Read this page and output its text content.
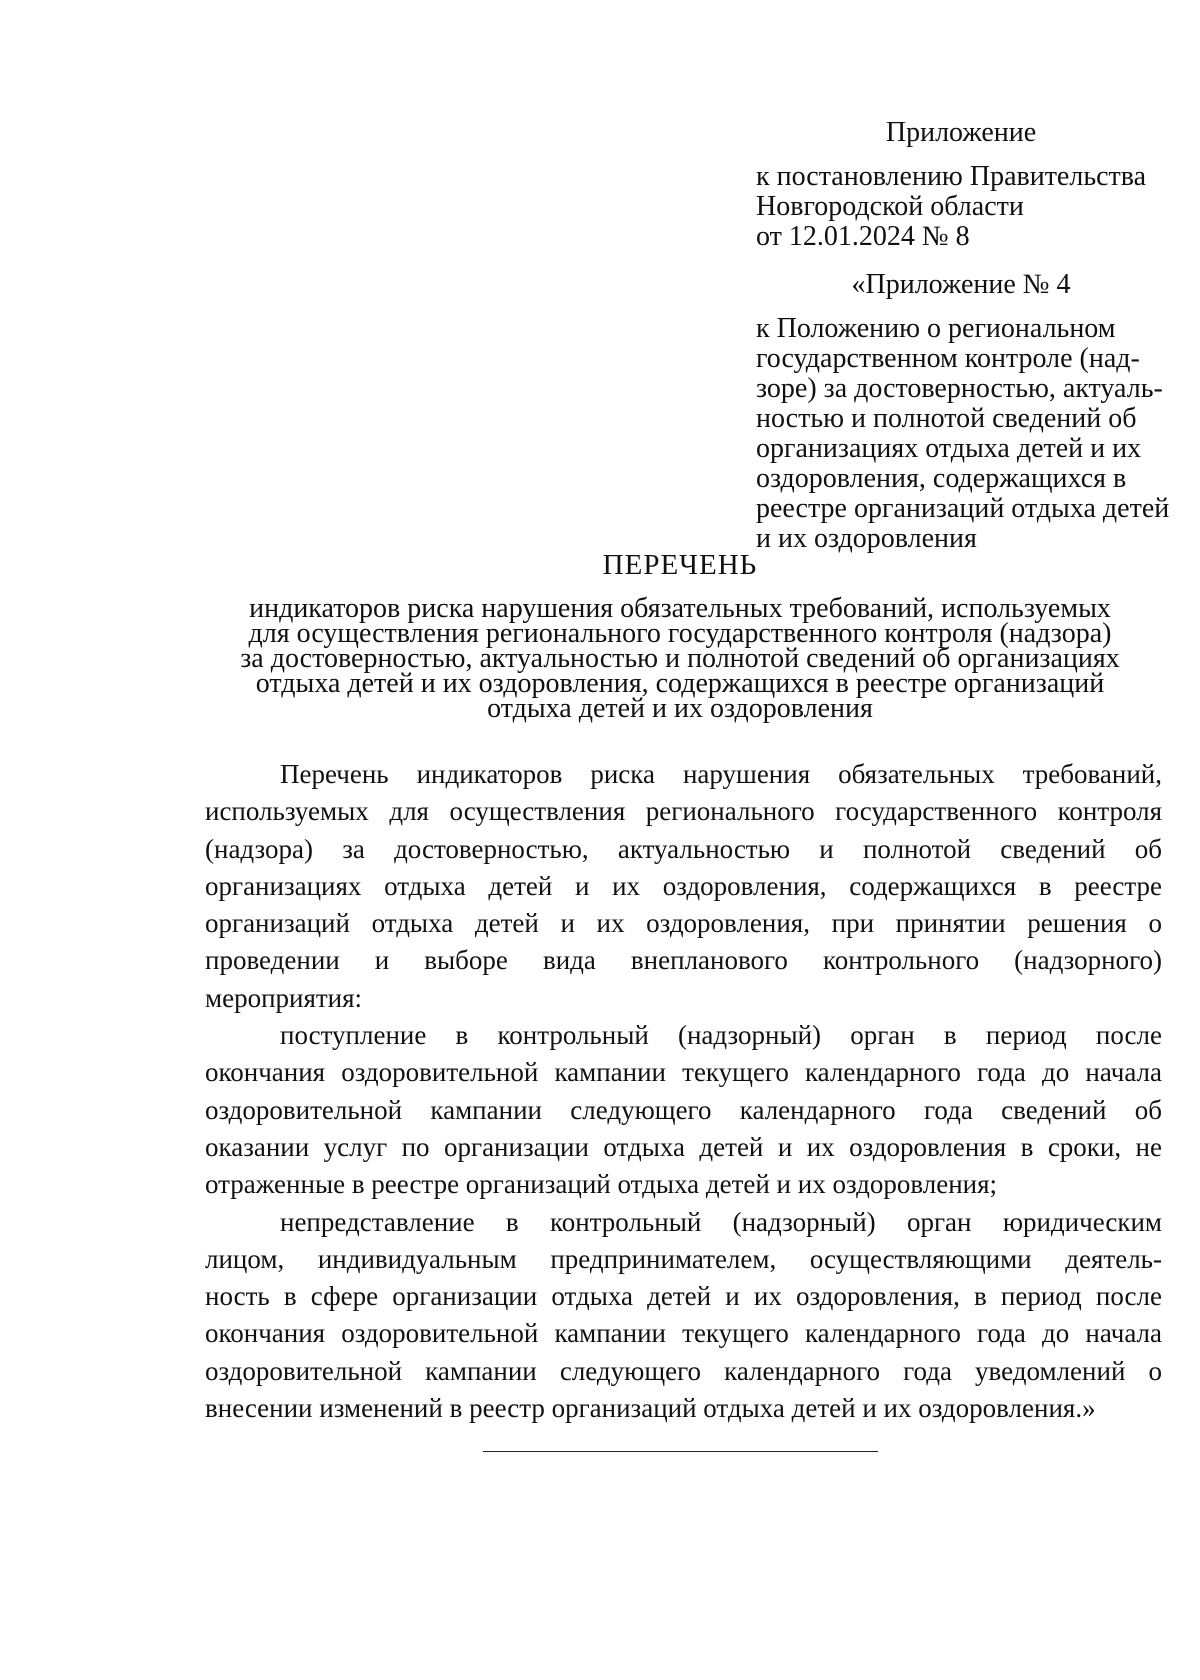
Приложение

к постановлению Правительства
Новгородской области
от 12.01.2024 № 8

«Приложение № 4

к Положению о региональном
государственном контроле (над-
зоре) за достоверностью, актуаль-
ностью и полнотой сведений об
организациях отдыха детей и их
оздоровления, содержащихся в
реестре организаций отдыха детей
и их оздоровления
ПЕРЕЧЕНЬ
индикаторов риска нарушения обязательных требований, используемых
для осуществления регионального государственного контроля (надзора)
за достоверностью, актуальностью и полнотой сведений об организациях
отдыха детей и их оздоровления, содержащихся в реестре организаций
отдыха детей и их оздоровления
Перечень индикаторов риска нарушения обязательных требований,
используемых для осуществления регионального государственного контроля
(надзора) за достоверностью, актуальностью и полнотой сведений об
организациях отдыха детей и их оздоровления, содержащихся в реестре
организаций отдыха детей и их оздоровления, при принятии решения о
проведении и выборе вида внепланового контрольного (надзорного)
мероприятия:
поступление в контрольный (надзорный) орган в период после
окончания оздоровительной кампании текущего календарного года до начала
оздоровительной кампании следующего календарного года сведений об
оказании услуг по организации отдыха детей и их оздоровления в сроки, не
отраженные в реестре организаций отдыха детей и их оздоровления;
непредставление в контрольный (надзорный) орган юридическим
лицом, индивидуальным предпринимателем, осуществляющими деятель-
ность в сфере организации отдыха детей и их оздоровления, в период после
окончания оздоровительной кампании текущего календарного года до начала
оздоровительной кампании следующего календарного года уведомлений о
внесении изменений в реестр организаций отдыха детей и их оздоровления.»
